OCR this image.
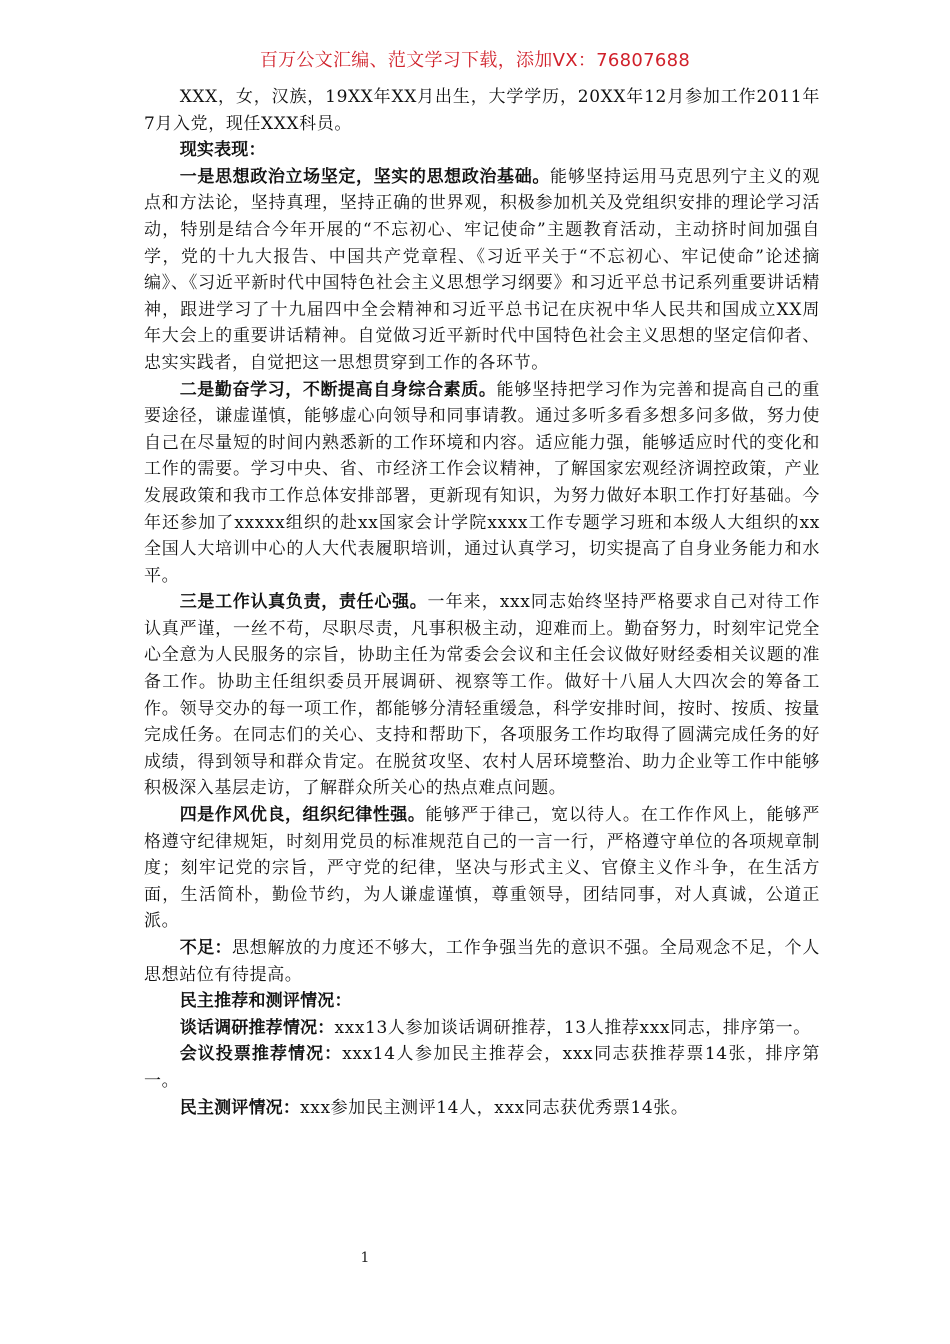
百万公文汇编、范文学习下载，添加VX：76807688

XXX，女，汉族，19XX年XX月出生，大学学历，20XX年12月参加工作2011年7月入党，现任XXX科员。

现实表现：

一是思想政治立场坚定，坚实的思想政治基础。能够坚持运用马克思列宁主义的观点和方法论，坚持真理，坚持正确的世界观，积极参加机关及党组织安排的理论学习活动，特别是结合今年开展的“不忘初心、牢记使命”主题教育活动，主动挤时间加强自学，党的十九大报告、中国共产党章程、《习近平关于“不忘初心、牢记使命”论述摘编》、《习近平新时代中国特色社会主义思想学习纲要》和习近平总书记系列重要讲话精神，跟进学习了十九届四中全会精神和习近平总书记在庆祝中华人民共和国成立XX周年大会上的重要讲话精神。自觉做习近平新时代中国特色社会主义思想的坚定信仰者、忠实实践者，自觉把这一思想贯穿到工作的各环节。

二是勤奋学习，不断提高自身综合素质。能够坚持把学习作为完善和提高自己的重要途径，谦虚谨慎，能够虚心向领导和同事请教。通过多听多看多想多问多做，努力使自己在尽量短的时间内熟悉新的工作环境和内容。适应能力强，能够适应时代的变化和工作的需要。学习中央、省、市经济工作会议精神，了解国家宏观经济调控政策，产业发展政策和我市工作总体安排部署，更新现有知识，为努力做好本职工作打好基础。今年还参加了xxxxx组织的赴xx国家会计学院xxxx工作专题学习班和本级人大组织的xx全国人大培训中心的人大代表履职培训，通过认真学习，切实提高了自身业务能力和水平。

三是工作认真负责，责任心强。一年来，xxx同志始终坚持严格要求自己对待工作认真严谨，一丝不苟，尽职尽责，凡事积极主动，迎难而上。勤奋努力，时刻牢记党全心全意为人民服务的宗旨，协助主任为常委会会议和主任会议做好财经委相关议题的准备工作。协助主任组织委员开展调研、视察等工作。做好十八届人大四次会的筹备工作。领导交办的每一项工作，都能够分清轻重缓急，科学安排时间，按时、按质、按量完成任务。在同志们的关心、支持和帮助下，各项服务工作均取得了圆满完成任务的好成绩，得到领导和群众肯定。在脱贫攻坚、农村人居环境整治、助力企业等工作中能够积极深入基层走访，了解群众所关心的热点难点问题。

四是作风优良，组织纪律性强。能够严于律己，宽以待人。在工作作风上，能够严格遵守纪律规矩，时刻用党员的标准规范自己的一言一行，严格遵守单位的各项规章制度；刻牢记党的宗旨，严守党的纪律，坚决与形式主义、官僚主义作斗争，在生活方面，生活简朴，勤俭节约，为人谦虚谨慎，尊重领导，团结同事，对人真诚，公道正派。

不足：思想解放的力度还不够大，工作争强当先的意识不强。全局观念不足，个人思想站位有待提高。

民主推荐和测评情况：

谈话调研推荐情况：xxx13人参加谈话调研推荐，13人推荐xxx同志，排序第一。

会议投票推荐情况：xxx14人参加民主推荐会，xxx同志获推荐票14张，排序第一。

民主测评情况：xxx参加民主测评14人，xxx同志获优秀票14张。

1
